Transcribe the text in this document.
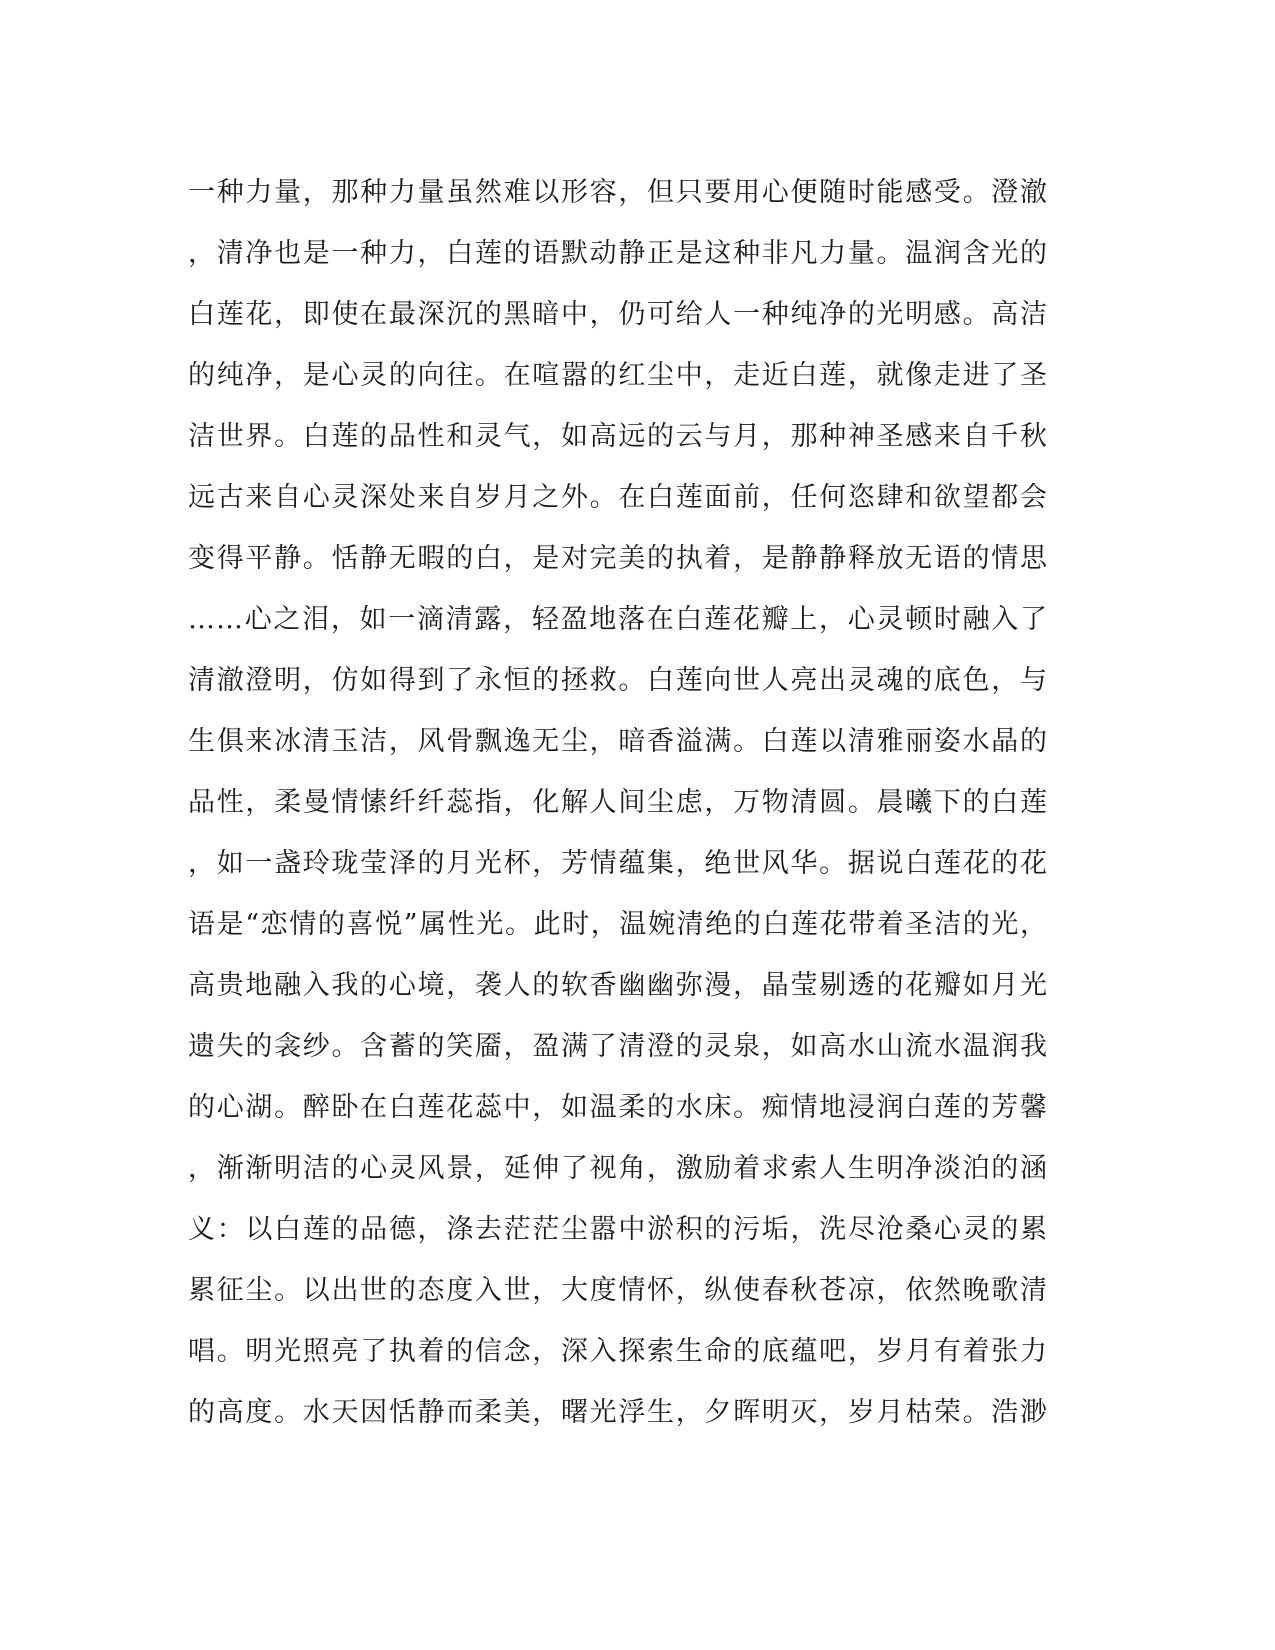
一种力量，那种力量虽然难以形容，但只要用心便随时能感受。澄澈
，清净也是一种力，白莲的语默动静正是这种非凡力量。温润含光的
白莲花，即使在最深沉的黑暗中，仍可给人一种纯净的光明感。高洁
的纯净，是心灵的向往。在喧嚣的红尘中，走近白莲，就像走进了圣
洁世界。白莲的品性和灵气，如高远的云与月，那种神圣感来自千秋
远古来自心灵深处来自岁月之外。在白莲面前，任何恣肆和欲望都会
变得平静。恬静无暇的白，是对完美的执着，是静静释放无语的情思
……心之泪，如一滴清露，轻盈地落在白莲花瓣上，心灵顿时融入了
清澈澄明，仿如得到了永恒的拯救。白莲向世人亮出灵魂的底色，与
生俱来冰清玉洁，风骨飘逸无尘，暗香溢满。白莲以清雅丽姿水晶的
品性，柔曼情愫纤纤蕊指，化解人间尘虑，万物清圆。晨曦下的白莲
，如一盏玲珑莹泽的月光杯，芳情蕴集，绝世风华。据说白莲花的花
语是“恋情的喜悦”属性光。此时，温婉清绝的白莲花带着圣洁的光，
高贵地融入我的心境，袭人的软香幽幽弥漫，晶莹剔透的花瓣如月光
遗失的衾纱。含蓄的笑靥，盈满了清澄的灵泉，如高水山流水温润我
的心湖。醉卧在白莲花蕊中，如温柔的水床。痴情地浸润白莲的芳馨
，渐渐明洁的心灵风景，延伸了视角，激励着求索人生明净淡泊的涵
义：以白莲的品德，涤去茫茫尘嚣中淤积的污垢，洗尽沧桑心灵的累
累征尘。以出世的态度入世，大度情怀，纵使春秋苍凉，依然晚歌清
唱。明光照亮了执着的信念，深入探索生命的底蕴吧，岁月有着张力
的高度。水天因恬静而柔美，曙光浮生，夕晖明灭，岁月枯荣。浩渺
